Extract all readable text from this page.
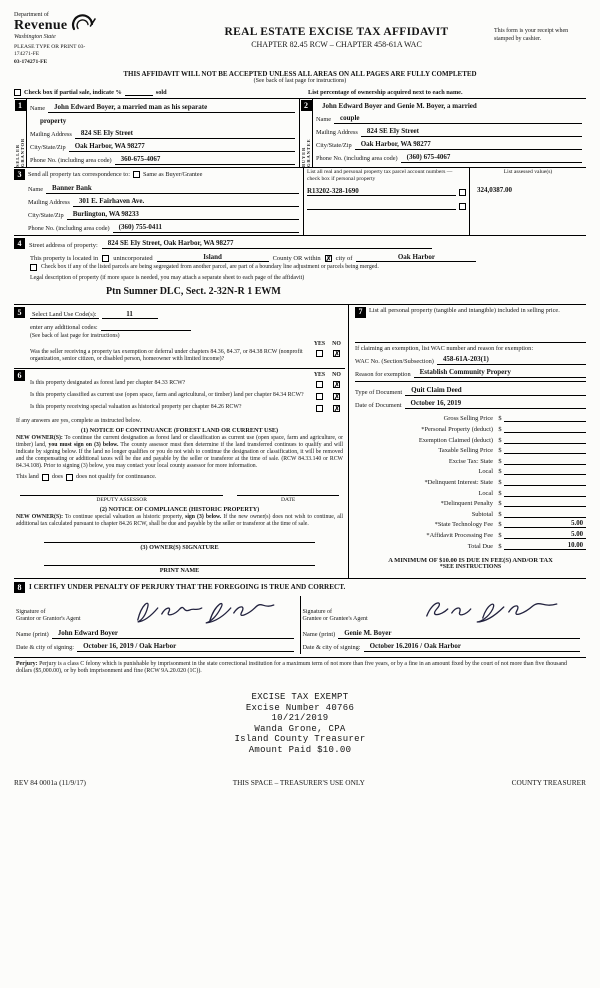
Department of
Revenue
Washington State
PLEASE TYPE OR PRINT 03-
174271-FE
03-174271-FE
REAL ESTATE EXCISE TAX AFFIDAVIT
CHAPTER 82.45 RCW – CHAPTER 458-61A WAC
This form is your receipt when stamped by cashier.
THIS AFFIDAVIT WILL NOT BE ACCEPTED UNLESS ALL AREAS ON ALL PAGES ARE FULLY COMPLETED
(See back of last page for instructions)
Check box if partial sale, indicate %	sold	List percentage of ownership acquired next to each name.
1
SELLER GRANTOR
Name	John Edward Boyer, a married man as his separate
property
Mailing Address	824 SE Ely Street
City/State/Zip	Oak Harbor, WA 98277
Phone No. (including area code)	360-675-4067
2
BUYER GRANTEE
John Edward Boyer and Genie M. Boyer, a married
Name	couple
Mailing Address	824 SE Ely Street
City/State/Zip	Oak Harbor, WA 98277
Phone No. (including area code)	(360) 675-4067
3	Send all property tax correspondence to: Same as Buyer/Grantee
Name	Banner Bank
Mailing Address	301 E. Fairhaven Ave.
City/State/Zip	Burlington, WA 98233
Phone No. (including area code)	(360) 755-0411
List all real and personal property tax parcel account numbers — check box if personal property
R13202-328-1690
List assessed value(s)
324,0387.00
4	Street address of property:	824 SE Ely Street, Oak Harbor, WA 98277
This property is located in unincorporated	Island	County OR within ✗ city of	Oak Harbor
Check box if any of the listed parcels are being segregated from another parcel, are part of a boundary line adjustment or parcels being merged.
Legal description of property (if more space is needed, you may attach a separate sheet to each page of the affidavit)
Ptn Sumner DLC, Sect. 2-32N-R 1 EWM
5	Select Land Use Code(s):	11
enter any additional codes:
(See back of last page for instructions)
YES	NO
Was the seller receiving a property tax exemption or deferral under chapters 84.36, 84.37, or 84.38 RCW (nonprofit organization, senior citizen, or disabled person, homeowner with limited income)?
✗
6	YES	NO
Is this property designated as forest land per chapter 84.33 RCW?	✗
Is this property classified as current use (open space, farm and agricultural, or timber) land per chapter 84.34 RCW?	✗
Is this property receiving special valuation as historical property per chapter 84.26 RCW?	✗
If any answers are yes, complete as instructed below.
(1) NOTICE OF CONTINUANCE (FOREST LAND OR CURRENT USE)
NEW OWNER(S): To continue the current designation as forest land or classification as current use (open space, farm and agriculture, or timber) land, you must sign on (3) below. The county assessor must then determine if the land transferred continues to qualify and will indicate by signing below. If the land no longer qualifies or you do not wish to continue the designation or classification, it will be removed and the compensating or additional taxes will be due and payable by the seller or transferor at the time of sale. (RCW 84.33.140 or RCW 84.34.108). Prior to signing (3) below, you may contact your local county assessor for more information.
This land does does not qualify for continuance.
DEPUTY ASSESSOR	DATE
(2) NOTICE OF COMPLIANCE (HISTORIC PROPERTY)
NEW OWNER(S): To continue special valuation as historic property, sign (3) below. If the new owner(s) does not wish to continue, all additional tax calculated pursuant to chapter 84.26 RCW, shall be due and payable by the seller or transferor at the time of sale.
(3) OWNER(S) SIGNATURE
PRINT NAME
7	List all personal property (tangible and intangible) included in selling price.
If claiming an exemption, list WAC number and reason for exemption:
WAC No. (Section/Subsection)	458-61A-203(1)
Reason for exemption	Establish Community Propery
Type of Document	Quit Claim Deed
Date of Document	October 16, 2019
Gross Selling Price $
*Personal Property (deduct) $
Exemption Claimed (deduct) $
Taxable Selling Price $
Excise Tax: State $
Local $
*Delinquent Interest: State $
Local $
*Delinquent Penalty $
Subtotal $
*State Technology Fee $	5.00
*Affidavit Processing Fee $	5.00
Total Due $	10.00
A MINIMUM OF $10.00 IS DUE IN FEE(S) AND/OR TAX
*SEE INSTRUCTIONS
8	I CERTIFY UNDER PENALTY OF PERJURY THAT THE FOREGOING IS TRUE AND CORRECT.
Signature of
Grantor or Grantor's Agent
Name (print)	John Edward Boyer
Date & city of signing:	October 16, 2019 / Oak Harbor
Signature of
Grantee or Grantee's Agent
Name (print)	Genie M. Boyer
Date & city of signing:	October 16.2016 / Oak Harbor
Perjury: Perjury is a class C felony which is punishable by imprisonment in the state correctional institution for a maximum term of not more than five years, or by a fine in an amount fixed by the court of not more than five thousand dollars ($5,000.00), or by both imprisonment and fine (RCW 9A.20.020 (1C)).
EXCISE TAX EXEMPT
Excise Number 40766
10/21/2019
Wanda Grone, CPA
Island County Treasurer
Amount Paid $10.00
REV 84 0001a (11/9/17)	THIS SPACE – TREASURER'S USE ONLY	COUNTY TREASURER
